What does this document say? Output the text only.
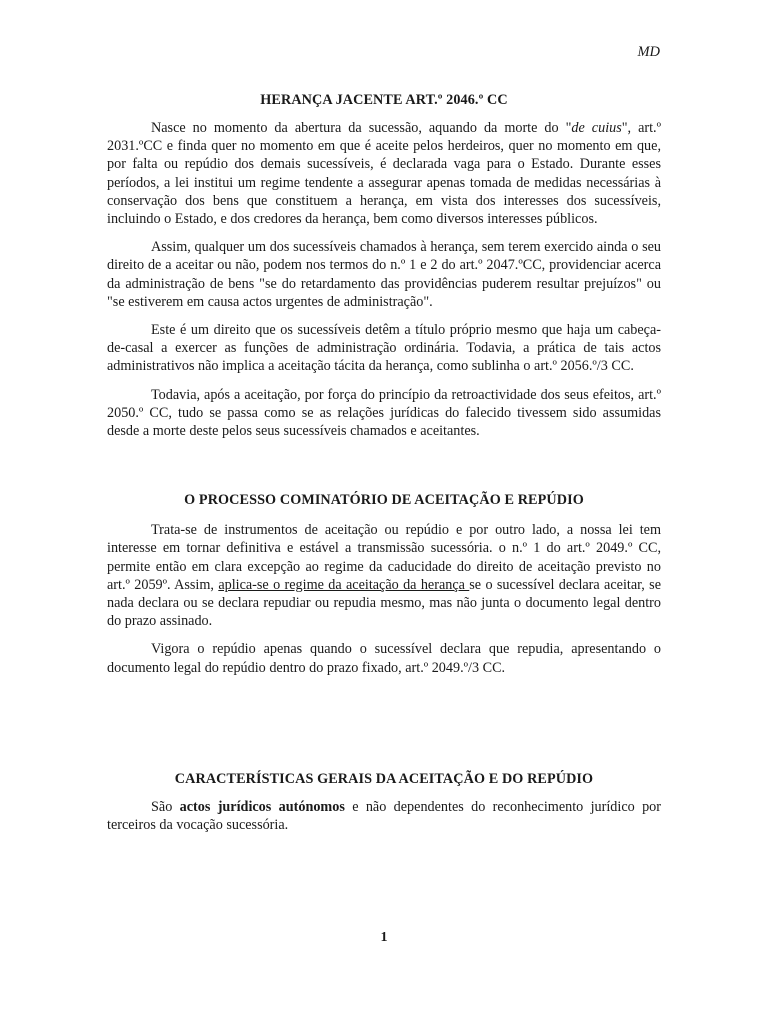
MD
HERANÇA JACENTE ART.º 2046.º CC

Nasce no momento da abertura da sucessão, aquando da morte do "de cuius", art.º 2031.ºCC e finda quer no momento em que é aceite pelos herdeiros, quer no momento em que, por falta ou repúdio dos demais sucessíveis, é declarada vaga para o Estado. Durante esses períodos, a lei institui um regime tendente a assegurar apenas tomada de medidas necessárias à conservação dos bens que constituem a herança, em vista dos interesses dos sucessíveis, incluindo o Estado, e dos credores da herança, bem como diversos interesses públicos.

Assim, qualquer um dos sucessíveis chamados à herança, sem terem exercido ainda o seu direito de a aceitar ou não, podem nos termos do n.º 1 e 2 do art.º 2047.ºCC, providenciar acerca da administração de bens "se do retardamento das providências puderem resultar prejuízos" ou "se estiverem em causa actos urgentes de administração".

Este é um direito que os sucessíveis detêm a título próprio mesmo que haja um cabeça-de-casal a exercer as funções de administração ordinária. Todavia, a prática de tais actos administrativos não implica a aceitação tácita da herança, como sublinha o art.º 2056.º/3 CC.

Todavia, após a aceitação, por força do princípio da retroactividade dos seus efeitos, art.º 2050.º CC, tudo se passa como se as relações jurídicas do falecido tivessem sido assumidas desde a morte deste pelos seus sucessíveis chamados e aceitantes.

O PROCESSO COMINATÓRIO DE ACEITAÇÃO E REPÚDIO

Trata-se de instrumentos de aceitação ou repúdio e por outro lado, a nossa lei tem interesse em tornar definitiva e estável a transmissão sucessória. o n.º 1 do art.º 2049.º CC, permite então em clara excepção ao regime da caducidade do direito de aceitação previsto no art.º 2059º. Assim, aplica-se o regime da aceitação da herança se o sucessível declara aceitar, se nada declara ou se declara repudiar ou repudia mesmo, mas não junta o documento legal dentro do prazo assinado.

Vigora o repúdio apenas quando o sucessível declara que repudia, apresentando o documento legal do repúdio dentro do prazo fixado, art.º 2049.º/3 CC.

CARACTERÍSTICAS GERAIS DA ACEITAÇÃO E DO REPÚDIO

São actos jurídicos autónomos e não dependentes do reconhecimento jurídico por terceiros da vocação sucessória.

1
